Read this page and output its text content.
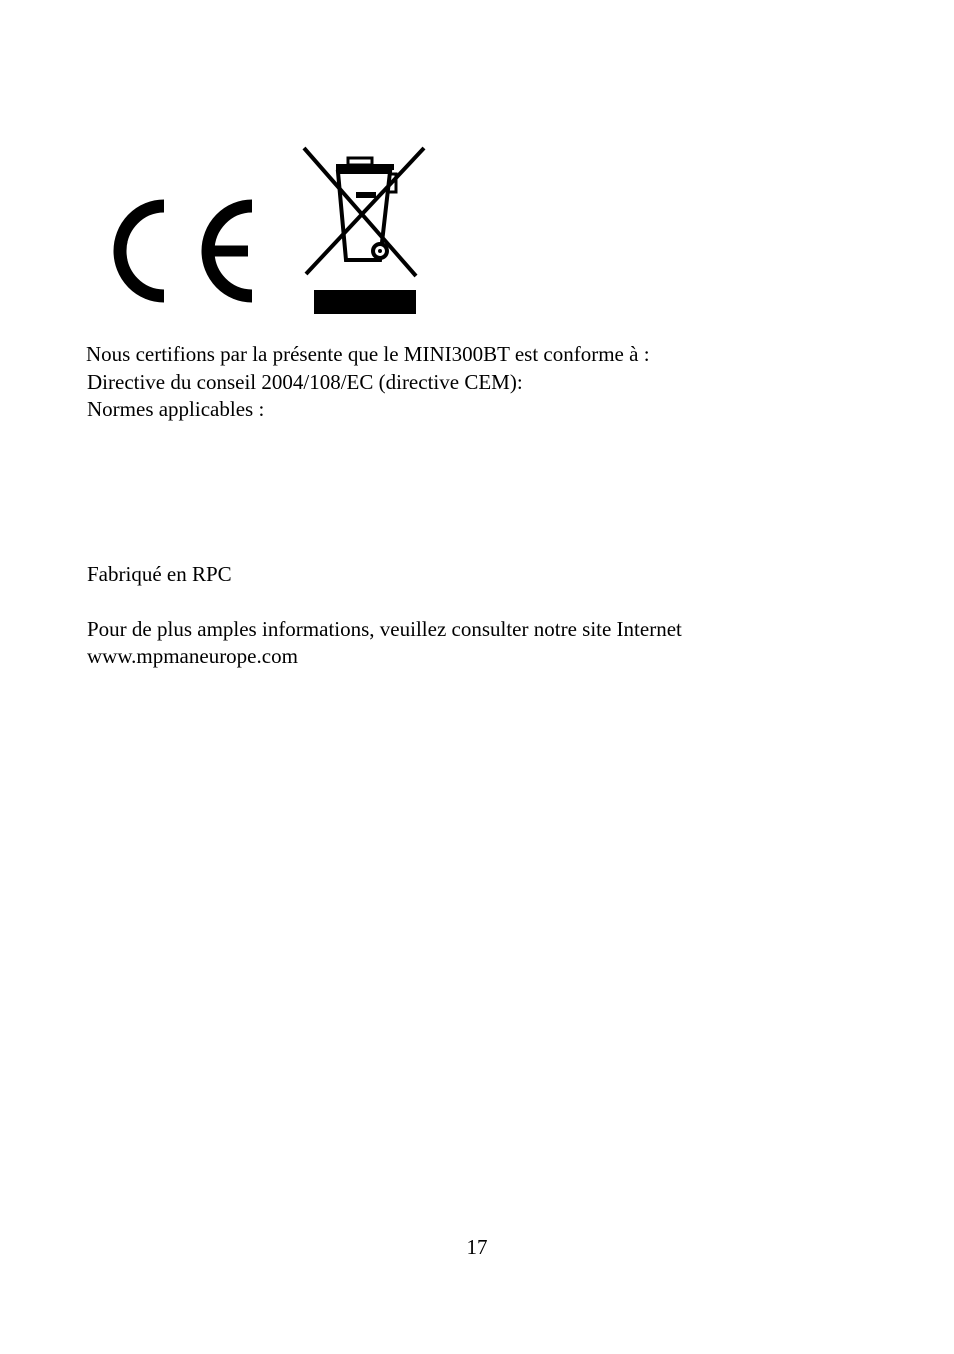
Nous certifions par la présente que le MINI300BT est conforme à :
Directive du conseil 2004/108/EC (directive CEM):
Normes applicables :
Fabriqué en RPC
Pour de plus amples informations, veuillez consulter notre site Internet
www.mpmaneurope.com
17
